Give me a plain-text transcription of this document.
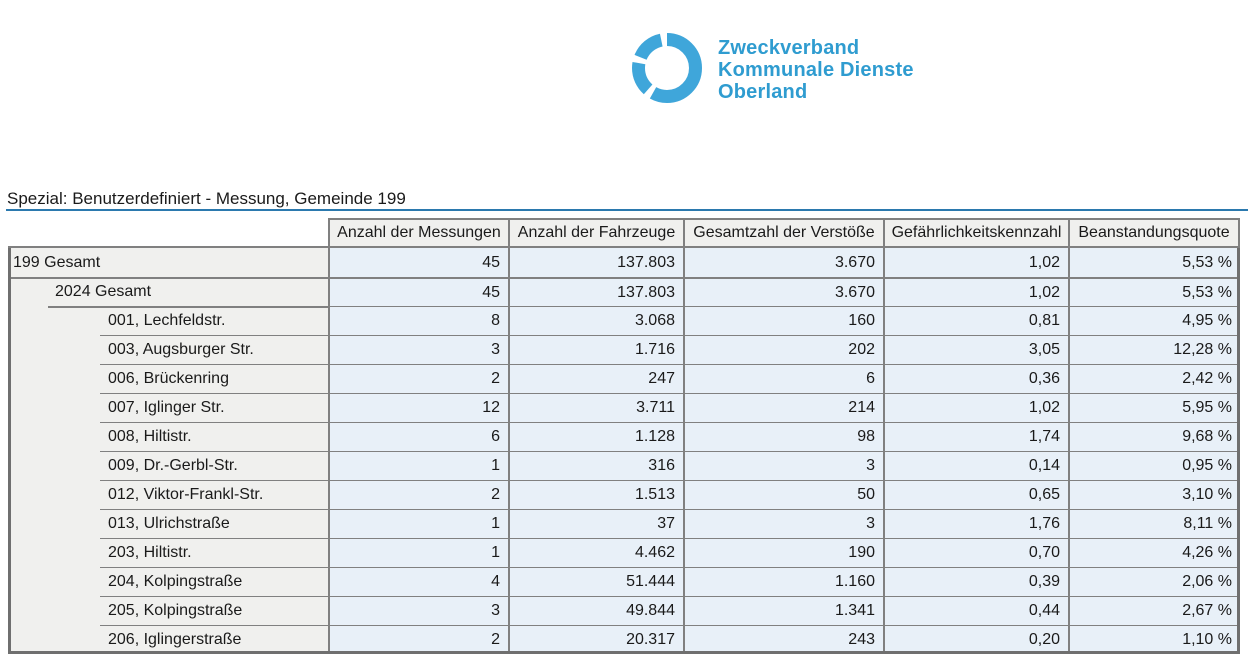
Zweckverband
Kommunale Dienste
Oberland
Spezial: Benutzerdefiniert - Messung, Gemeinde 199
Anzahl der Messungen	Anzahl der Fahrzeuge	Gesamtzahl der Verstöße	Gefährlichkeitskennzahl	Beanstandungsquote
199 Gesamt	45	137.803	3.670	1,02	5,53 %
2024 Gesamt	45	137.803	3.670	1,02	5,53 %
001, Lechfeldstr.	8	3.068	160	0,81	4,95 %
003, Augsburger Str.	3	1.716	202	3,05	12,28 %
006, Brückenring	2	247	6	0,36	2,42 %
007, Iglinger Str.	12	3.711	214	1,02	5,95 %
008, Hiltistr.	6	1.128	98	1,74	9,68 %
009, Dr.-Gerbl-Str.	1	316	3	0,14	0,95 %
012, Viktor-Frankl-Str.	2	1.513	50	0,65	3,10 %
013, Ulrichstraße	1	37	3	1,76	8,11 %
203, Hiltistr.	1	4.462	190	0,70	4,26 %
204, Kolpingstraße	4	51.444	1.160	0,39	2,06 %
205, Kolpingstraße	3	49.844	1.341	0,44	2,67 %
206, Iglingerstraße	2	20.317	243	0,20	1,10 %
